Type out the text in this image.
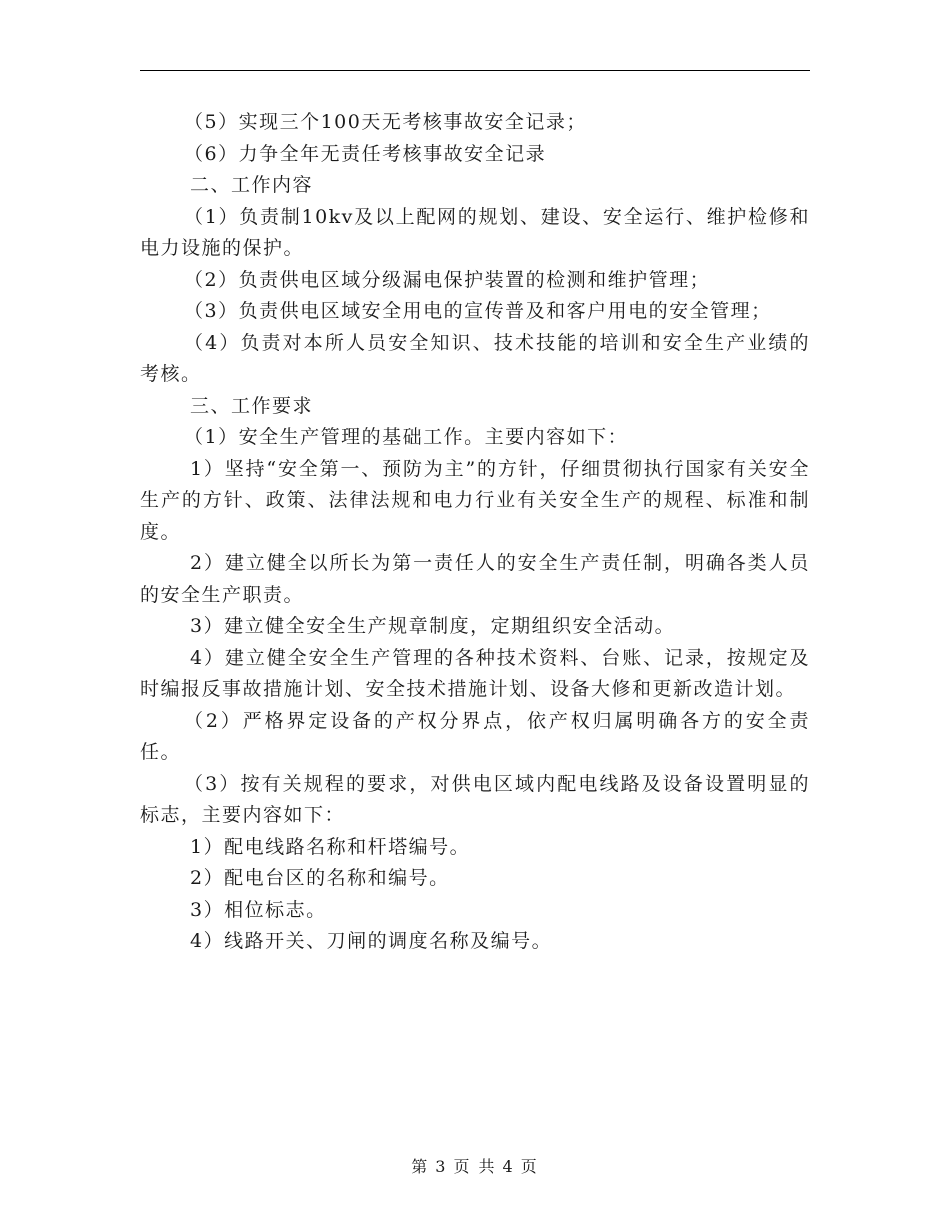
（5）实现三个100天无考核事故安全记录；

（6）力争全年无责任考核事故安全记录

二、工作内容

（1）负责制10kv及以上配网的规划、建设、安全运行、维护检修和电力设施的保护。

（2）负责供电区域分级漏电保护装置的检测和维护管理；

（3）负责供电区域安全用电的宣传普及和客户用电的安全管理；

（4）负责对本所人员安全知识、技术技能的培训和安全生产业绩的考核。

三、工作要求

（1）安全生产管理的基础工作。主要内容如下：

1）坚持“安全第一、预防为主”的方针，仔细贯彻执行国家有关安全生产的方针、政策、法律法规和电力行业有关安全生产的规程、标准和制度。

2）建立健全以所长为第一责任人的安全生产责任制，明确各类人员的安全生产职责。

3）建立健全安全生产规章制度，定期组织安全活动。

4）建立健全安全生产管理的各种技术资料、台账、记录，按规定及时编报反事故措施计划、安全技术措施计划、设备大修和更新改造计划。

（2）严格界定设备的产权分界点，依产权归属明确各方的安全责任。

（3）按有关规程的要求，对供电区域内配电线路及设备设置明显的标志，主要内容如下：

1）配电线路名称和杆塔编号。

2）配电台区的名称和编号。

3）相位标志。

4）线路开关、刀闸的调度名称及编号。

第 3 页 共 4 页
